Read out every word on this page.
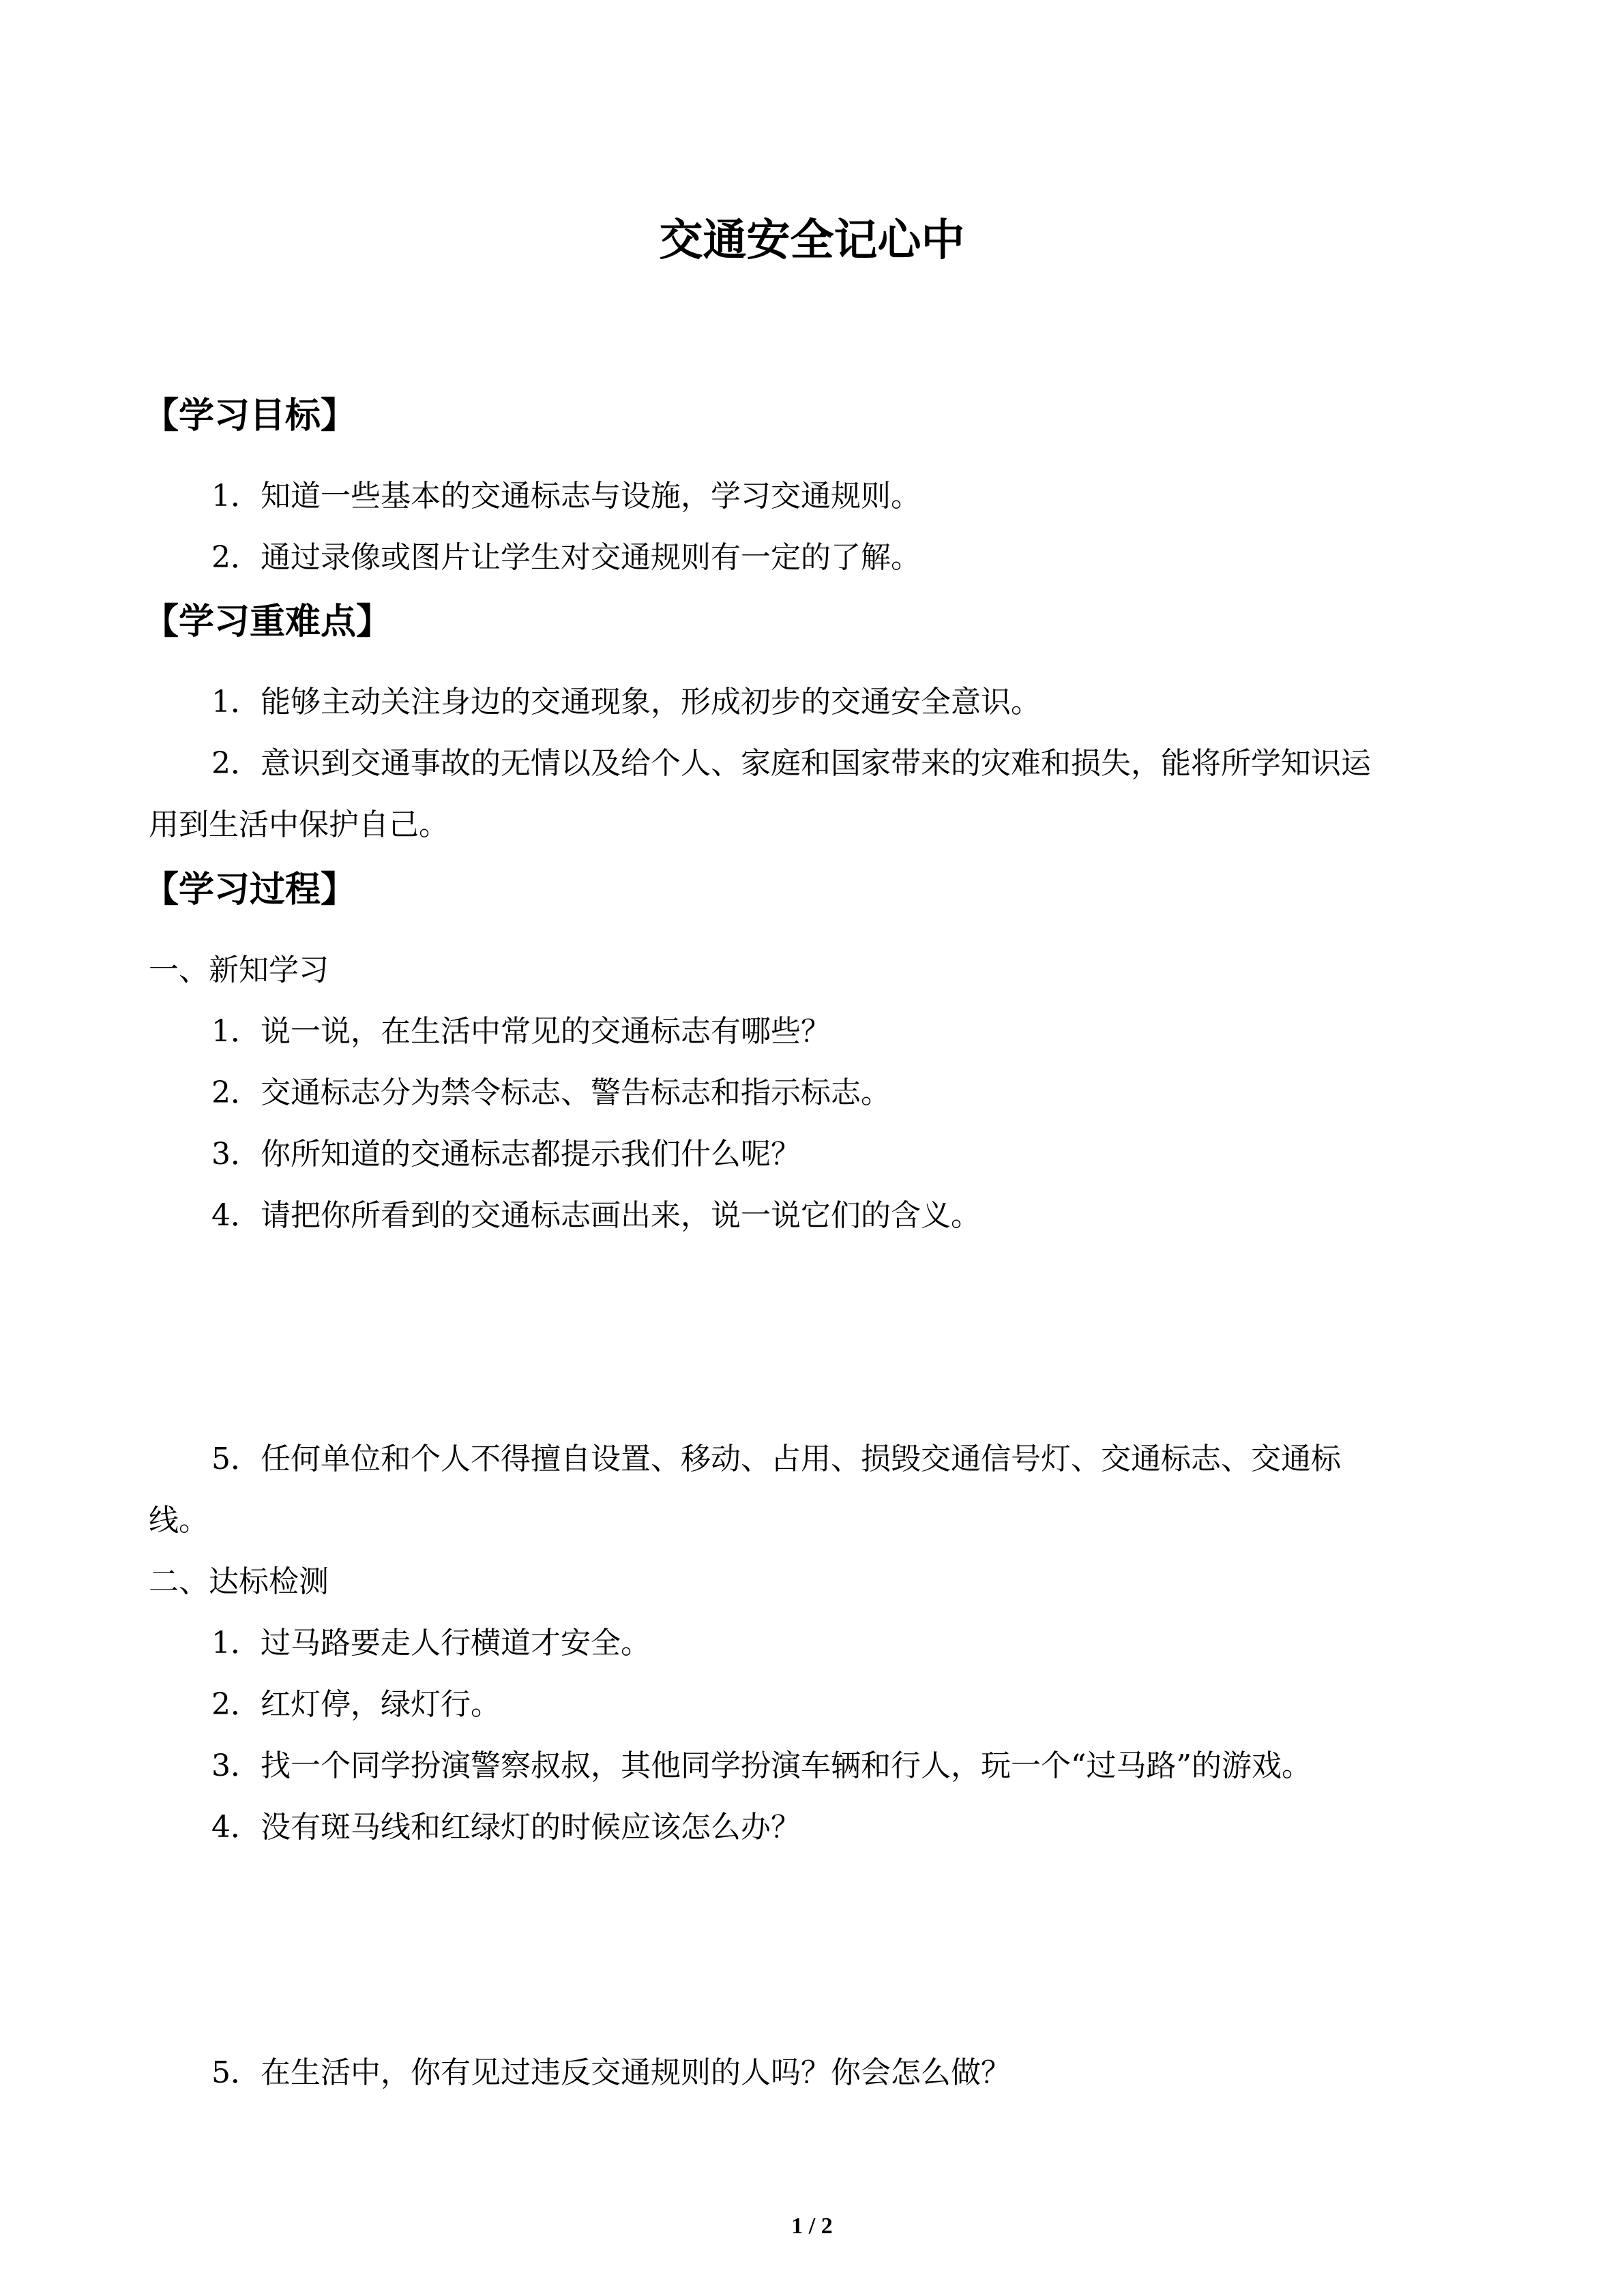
交通安全记心中
【学习目标】
1．知道一些基本的交通标志与设施，学习交通规则。
2．通过录像或图片让学生对交通规则有一定的了解。
【学习重难点】
1．能够主动关注身边的交通现象，形成初步的交通安全意识。
2．意识到交通事故的无情以及给个人、家庭和国家带来的灾难和损失，能将所学知识运
用到生活中保护自己。
【学习过程】
一、新知学习
1．说一说，在生活中常见的交通标志有哪些？
2．交通标志分为禁令标志、警告标志和指示标志。
3．你所知道的交通标志都提示我们什么呢？
4．请把你所看到的交通标志画出来，说一说它们的含义。
5．任何单位和个人不得擅自设置、移动、占用、损毁交通信号灯、交通标志、交通标
线。
二、达标检测
1．过马路要走人行横道才安全。
2．红灯停，绿灯行。
3．找一个同学扮演警察叔叔，其他同学扮演车辆和行人，玩一个“过马路”的游戏。
4．没有斑马线和红绿灯的时候应该怎么办？
5．在生活中，你有见过违反交通规则的人吗？你会怎么做？
1 / 2
